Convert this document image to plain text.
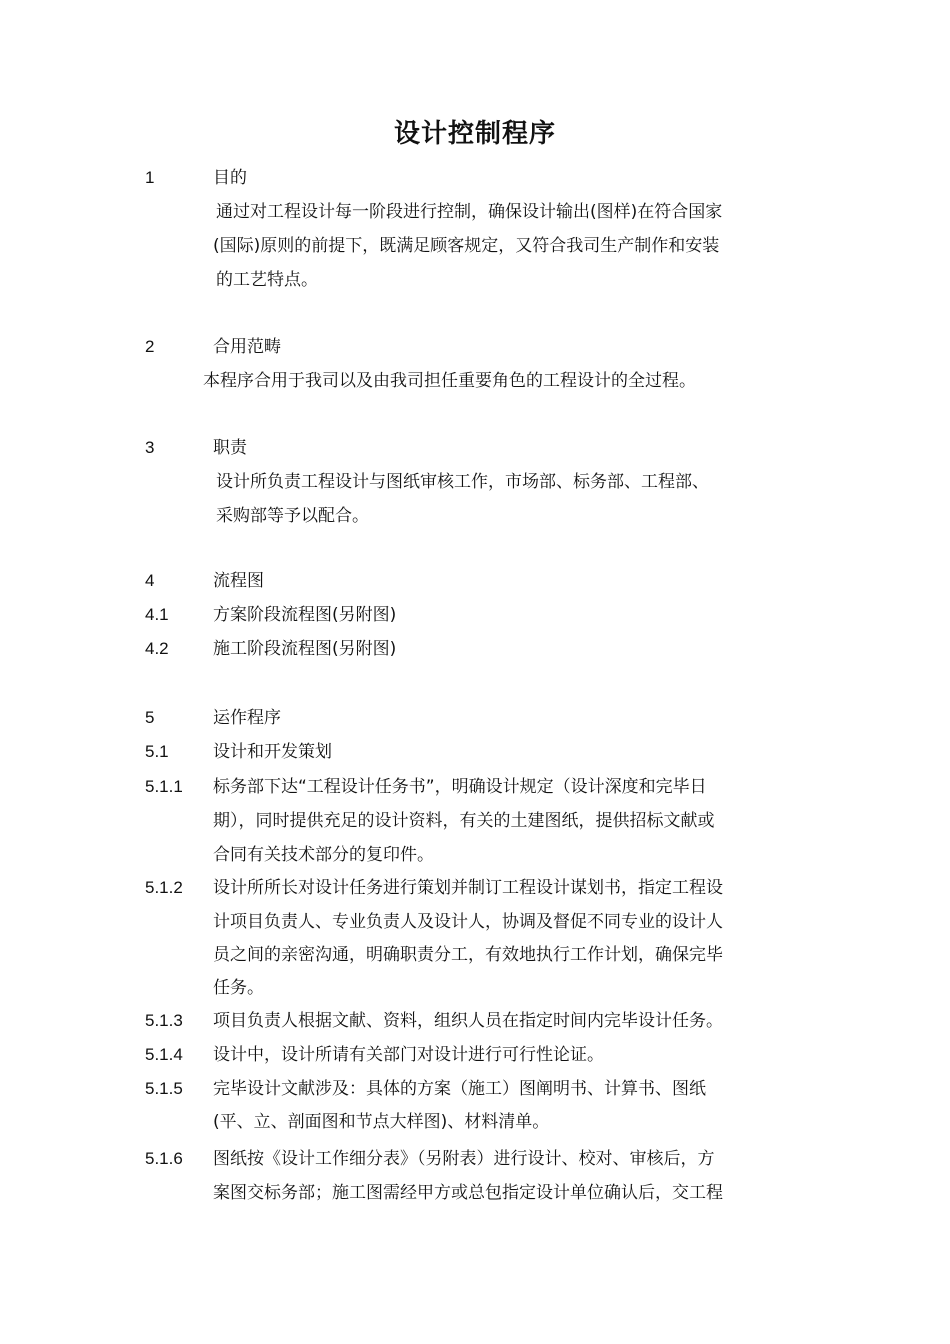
设计控制程序
1	目的
通过对工程设计每一阶段进行控制，确保设计输出(图样)在符合国家
(国际)原则的前提下，既满足顾客规定，又符合我司生产制作和安装
的工艺特点。
2	合用范畴
本程序合用于我司以及由我司担任重要角色的工程设计的全过程。
3	职责
设计所负责工程设计与图纸审核工作，市场部、标务部、工程部、
采购部等予以配合。
4	流程图
4.1	方案阶段流程图(另附图)
4.2	施工阶段流程图(另附图)
5	运作程序
5.1	设计和开发策划
5.1.1 标务部下达“工程设计任务书”，明确设计规定（设计深度和完毕日
期），同时提供充足的设计资料，有关的土建图纸，提供招标文献或
合同有关技术部分的复印件。
5.1.2 设计所所长对设计任务进行策划并制订工程设计谋划书，指定工程设
计项目负责人、专业负责人及设计人，协调及督促不同专业的设计人
员之间的亲密沟通，明确职责分工，有效地执行工作计划，确保完毕
任务。
5.1.3 项目负责人根据文献、资料，组织人员在指定时间内完毕设计任务。
5.1.4 设计中，设计所请有关部门对设计进行可行性论证。
5.1.5 完毕设计文献涉及：具体的方案（施工）图阐明书、计算书、图纸
(平、立、剖面图和节点大样图)、材料清单。
5.1.6 图纸按《设计工作细分表》（另附表）进行设计、校对、审核后，方
案图交标务部；施工图需经甲方或总包指定设计单位确认后，交工程
